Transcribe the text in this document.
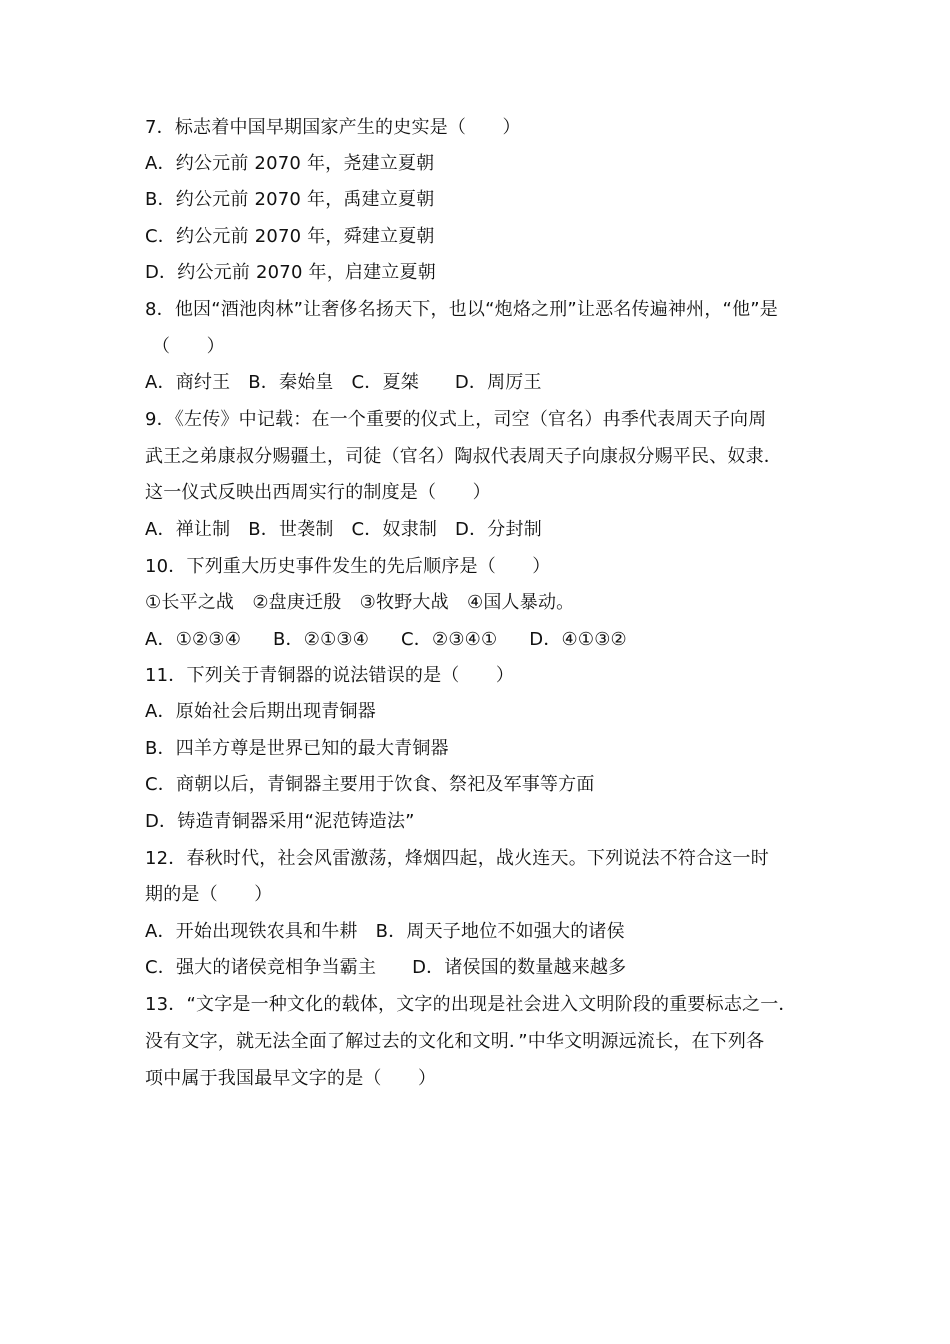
7．标志着中国早期国家产生的史实是（　　）
A．约公元前 2070 年，尧建立夏朝
B．约公元前 2070 年，禹建立夏朝
C．约公元前 2070 年，舜建立夏朝
D．约公元前 2070 年，启建立夏朝
8．他因“酒池肉林”让奢侈名扬天下，也以“炮烙之刑”让恶名传遍神州，“他”是
（　　）
A．商纣王 B．秦始皇 C．夏桀 D．周厉王
9．《左传》中记载：在一个重要的仪式上，司空（官名）冉季代表周天子向周
武王之弟康叔分赐疆土，司徒（官名）陶叔代表周天子向康叔分赐平民、奴隶．
这一仪式反映出西周实行的制度是（　　）
A．禅让制 B．世袭制 C．奴隶制 D．分封制
10．下列重大历史事件发生的先后顺序是（　　）
①长平之战　②盘庚迁殷　③牧野大战　④国人暴动。
A．①②③④ B．②①③④ C．②③④① D．④①③②
11．下列关于青铜器的说法错误的是（　　）
A．原始社会后期出现青铜器
B．四羊方尊是世界已知的最大青铜器
C．商朝以后，青铜器主要用于饮食、祭祀及军事等方面
D．铸造青铜器采用“泥范铸造法”
12．春秋时代，社会风雷激荡，烽烟四起，战火连天。下列说法不符合这一时
期的是（　　）
A．开始出现铁农具和牛耕 B．周天子地位不如强大的诸侯
C．强大的诸侯竞相争当霸主 D．诸侯国的数量越来越多
13．“文字是一种文化的载体，文字的出现是社会进入文明阶段的重要标志之一．
没有文字，就无法全面了解过去的文化和文明．”中华文明源远流长，在下列各
项中属于我国最早文字的是（　　）
